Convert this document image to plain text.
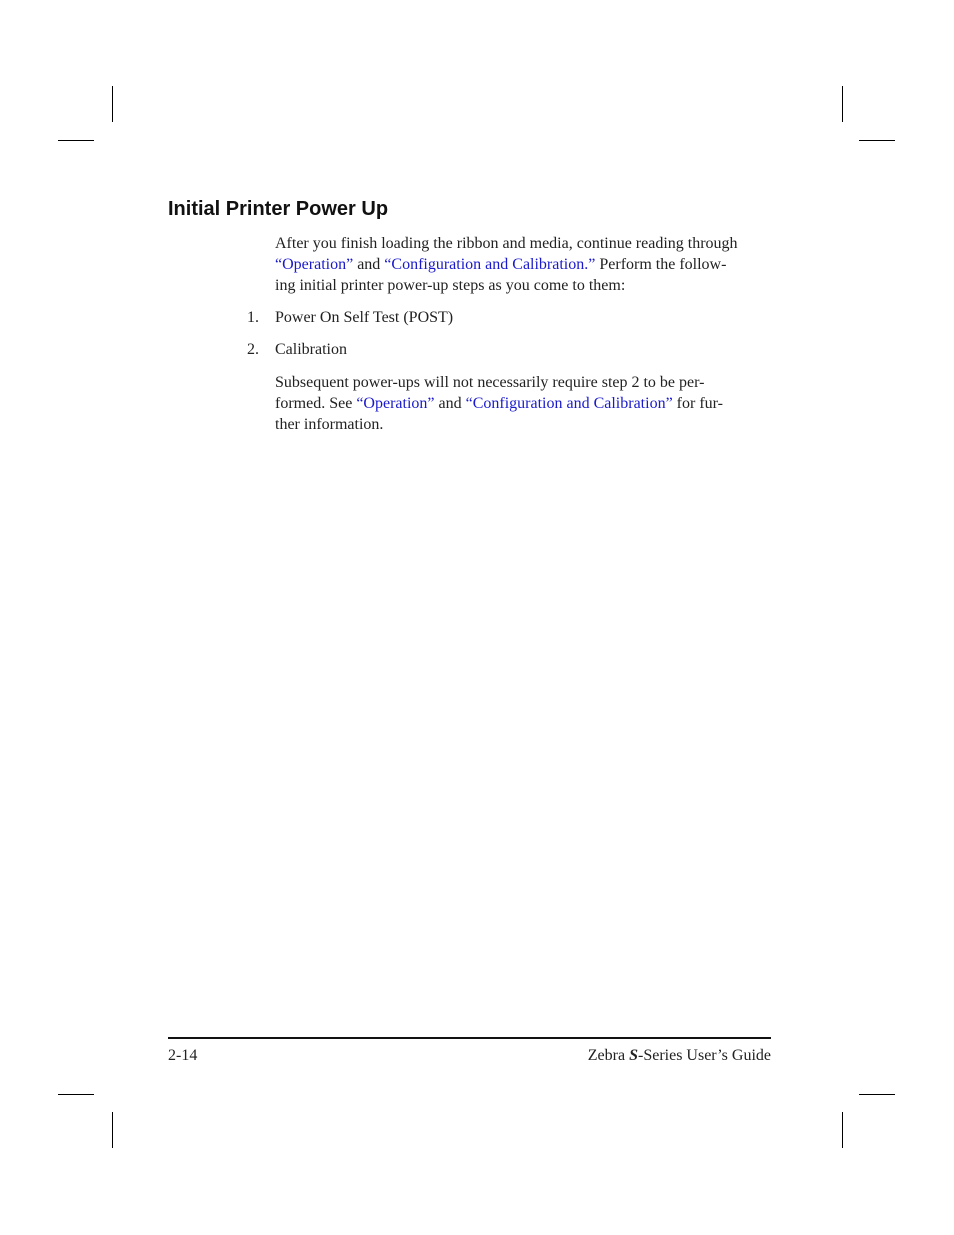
Initial Printer Power Up
After you finish loading the ribbon and media, continue reading through
“Operation” and “Configuration and Calibration.” Perform the follow-
ing initial printer power-up steps as you come to them:
1. Power On Self Test (POST)
2. Calibration
Subsequent power-ups will not necessarily require step 2 to be per-
formed. See “Operation” and “Configuration and Calibration” for fur-
ther information.
2-14	Zebra S-Series User’s Guide
